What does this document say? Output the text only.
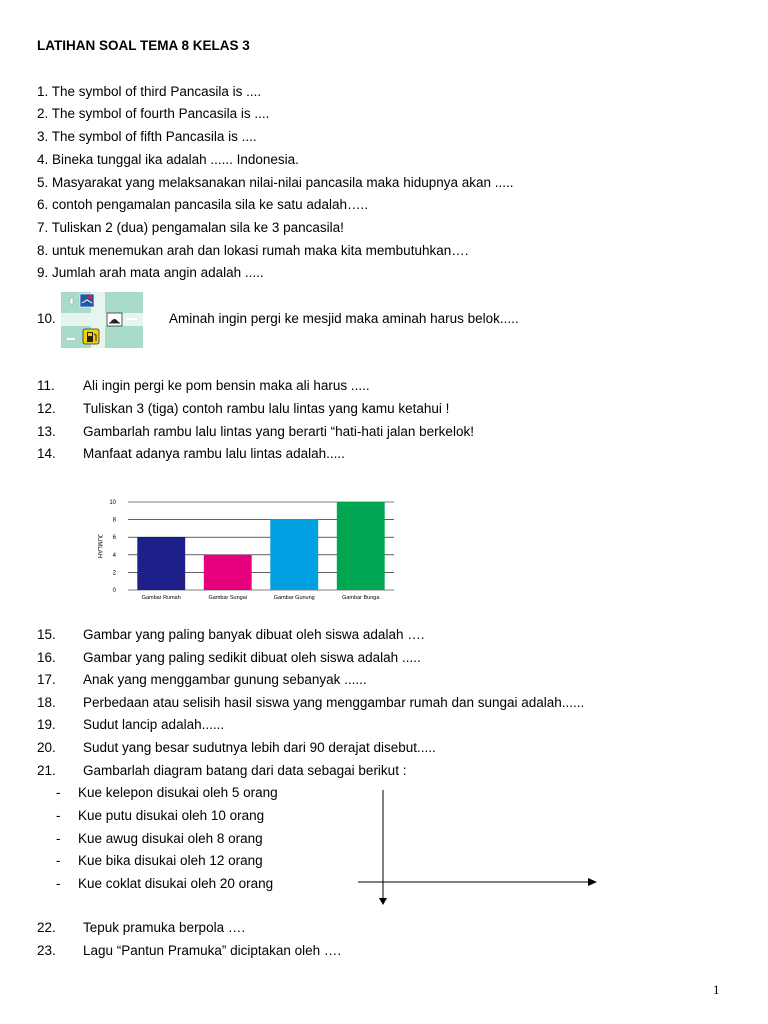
LATIHAN SOAL TEMA 8 KELAS 3
1. The symbol of third Pancasila is ....
2. The symbol of fourth Pancasila is ....
3. The symbol of fifth Pancasila is ....
4. Bineka tunggal ika adalah ...... Indonesia.
5. Masyarakat yang melaksanakan nilai-nilai pancasila maka hidupnya akan .....
6. contoh pengamalan pancasila sila ke satu adalah…..
7. Tuliskan 2 (dua) pengamalan sila ke 3 pancasila!
8. untuk menemukan arah dan lokasi rumah maka kita membutuhkan….
9. Jumlah arah mata angin adalah .....
10.	Aminah ingin pergi ke mesjid maka aminah harus belok.....
11. Ali ingin pergi ke pom bensin maka ali harus .....
12. Tuliskan 3 (tiga) contoh rambu lalu lintas yang kamu ketahui !
13. Gambarlah rambu lalu lintas yang berarti “hati-hati jalan berkelok!
14. Manfaat adanya rambu lalu lintas adalah.....
0
2
4
6
8
10
JUMLAH
Gambar Rumah	Gambar Sungai	Gambar Gunung	Gambar Bunga
15. Gambar yang paling banyak dibuat oleh siswa adalah ….
16. Gambar yang paling sedikit dibuat oleh siswa adalah .....
17. Anak yang menggambar gunung sebanyak ......
18. Perbedaan atau selisih hasil siswa yang menggambar rumah dan sungai adalah......
19. Sudut lancip adalah......
20. Sudut yang besar sudutnya lebih dari 90 derajat disebut.....
21. Gambarlah diagram batang dari data sebagai berikut :
- Kue kelepon disukai oleh 5 orang
- Kue putu disukai oleh 10 orang
- Kue awug disukai oleh 8 orang
- Kue bika disukai oleh 12 orang
- Kue coklat disukai oleh 20 orang
22. Tepuk pramuka berpola ….
23. Lagu “Pantun Pramuka” diciptakan oleh ….
1
